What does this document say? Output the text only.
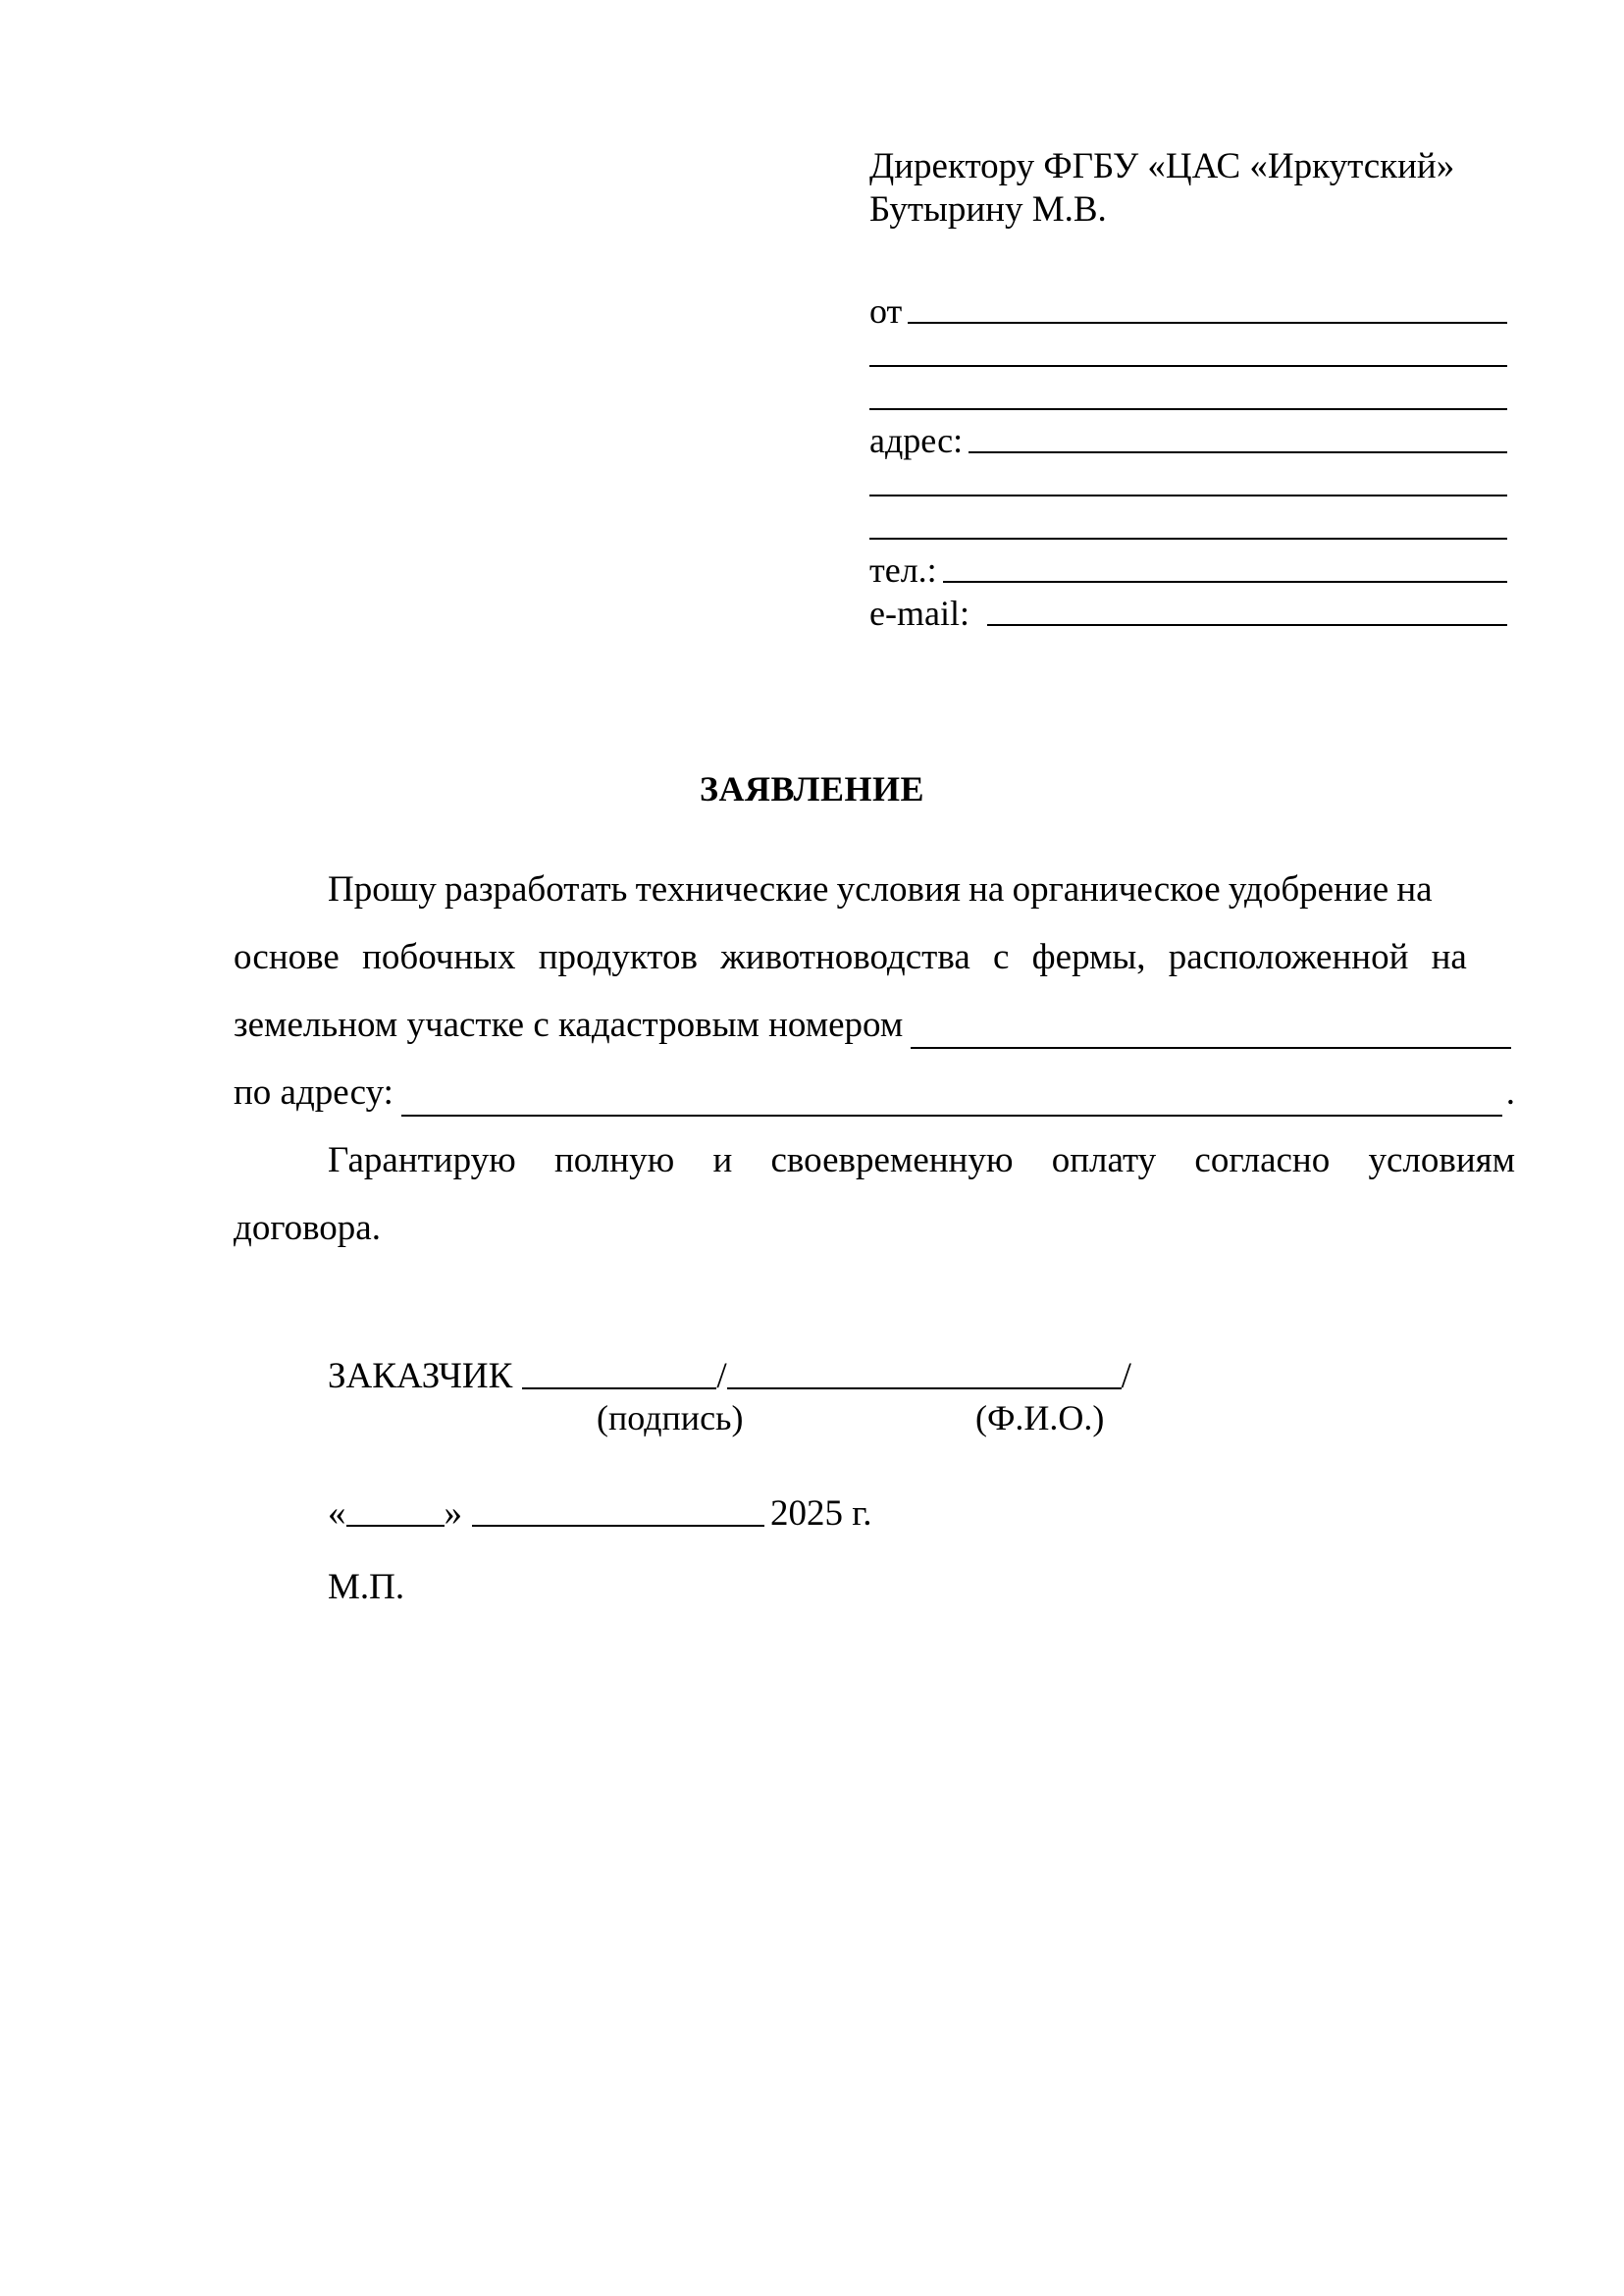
Директору ФГБУ «ЦАС «Иркутский»
Бутырину М.В.
от
адрес:
тел.:
e-mail:
ЗАЯВЛЕНИЕ
Прошу разработать технические условия на органическое удобрение на
основе побочных продуктов животноводства с фермы, расположенной на
земельном участке с кадастровым номером
по адресу:	.
Гарантирую полную и своевременную оплату согласно условиям
договора.
ЗАКАЗЧИК	/	/
(подпись)	(Ф.И.О.)
«	»	2025 г.
М.П.
